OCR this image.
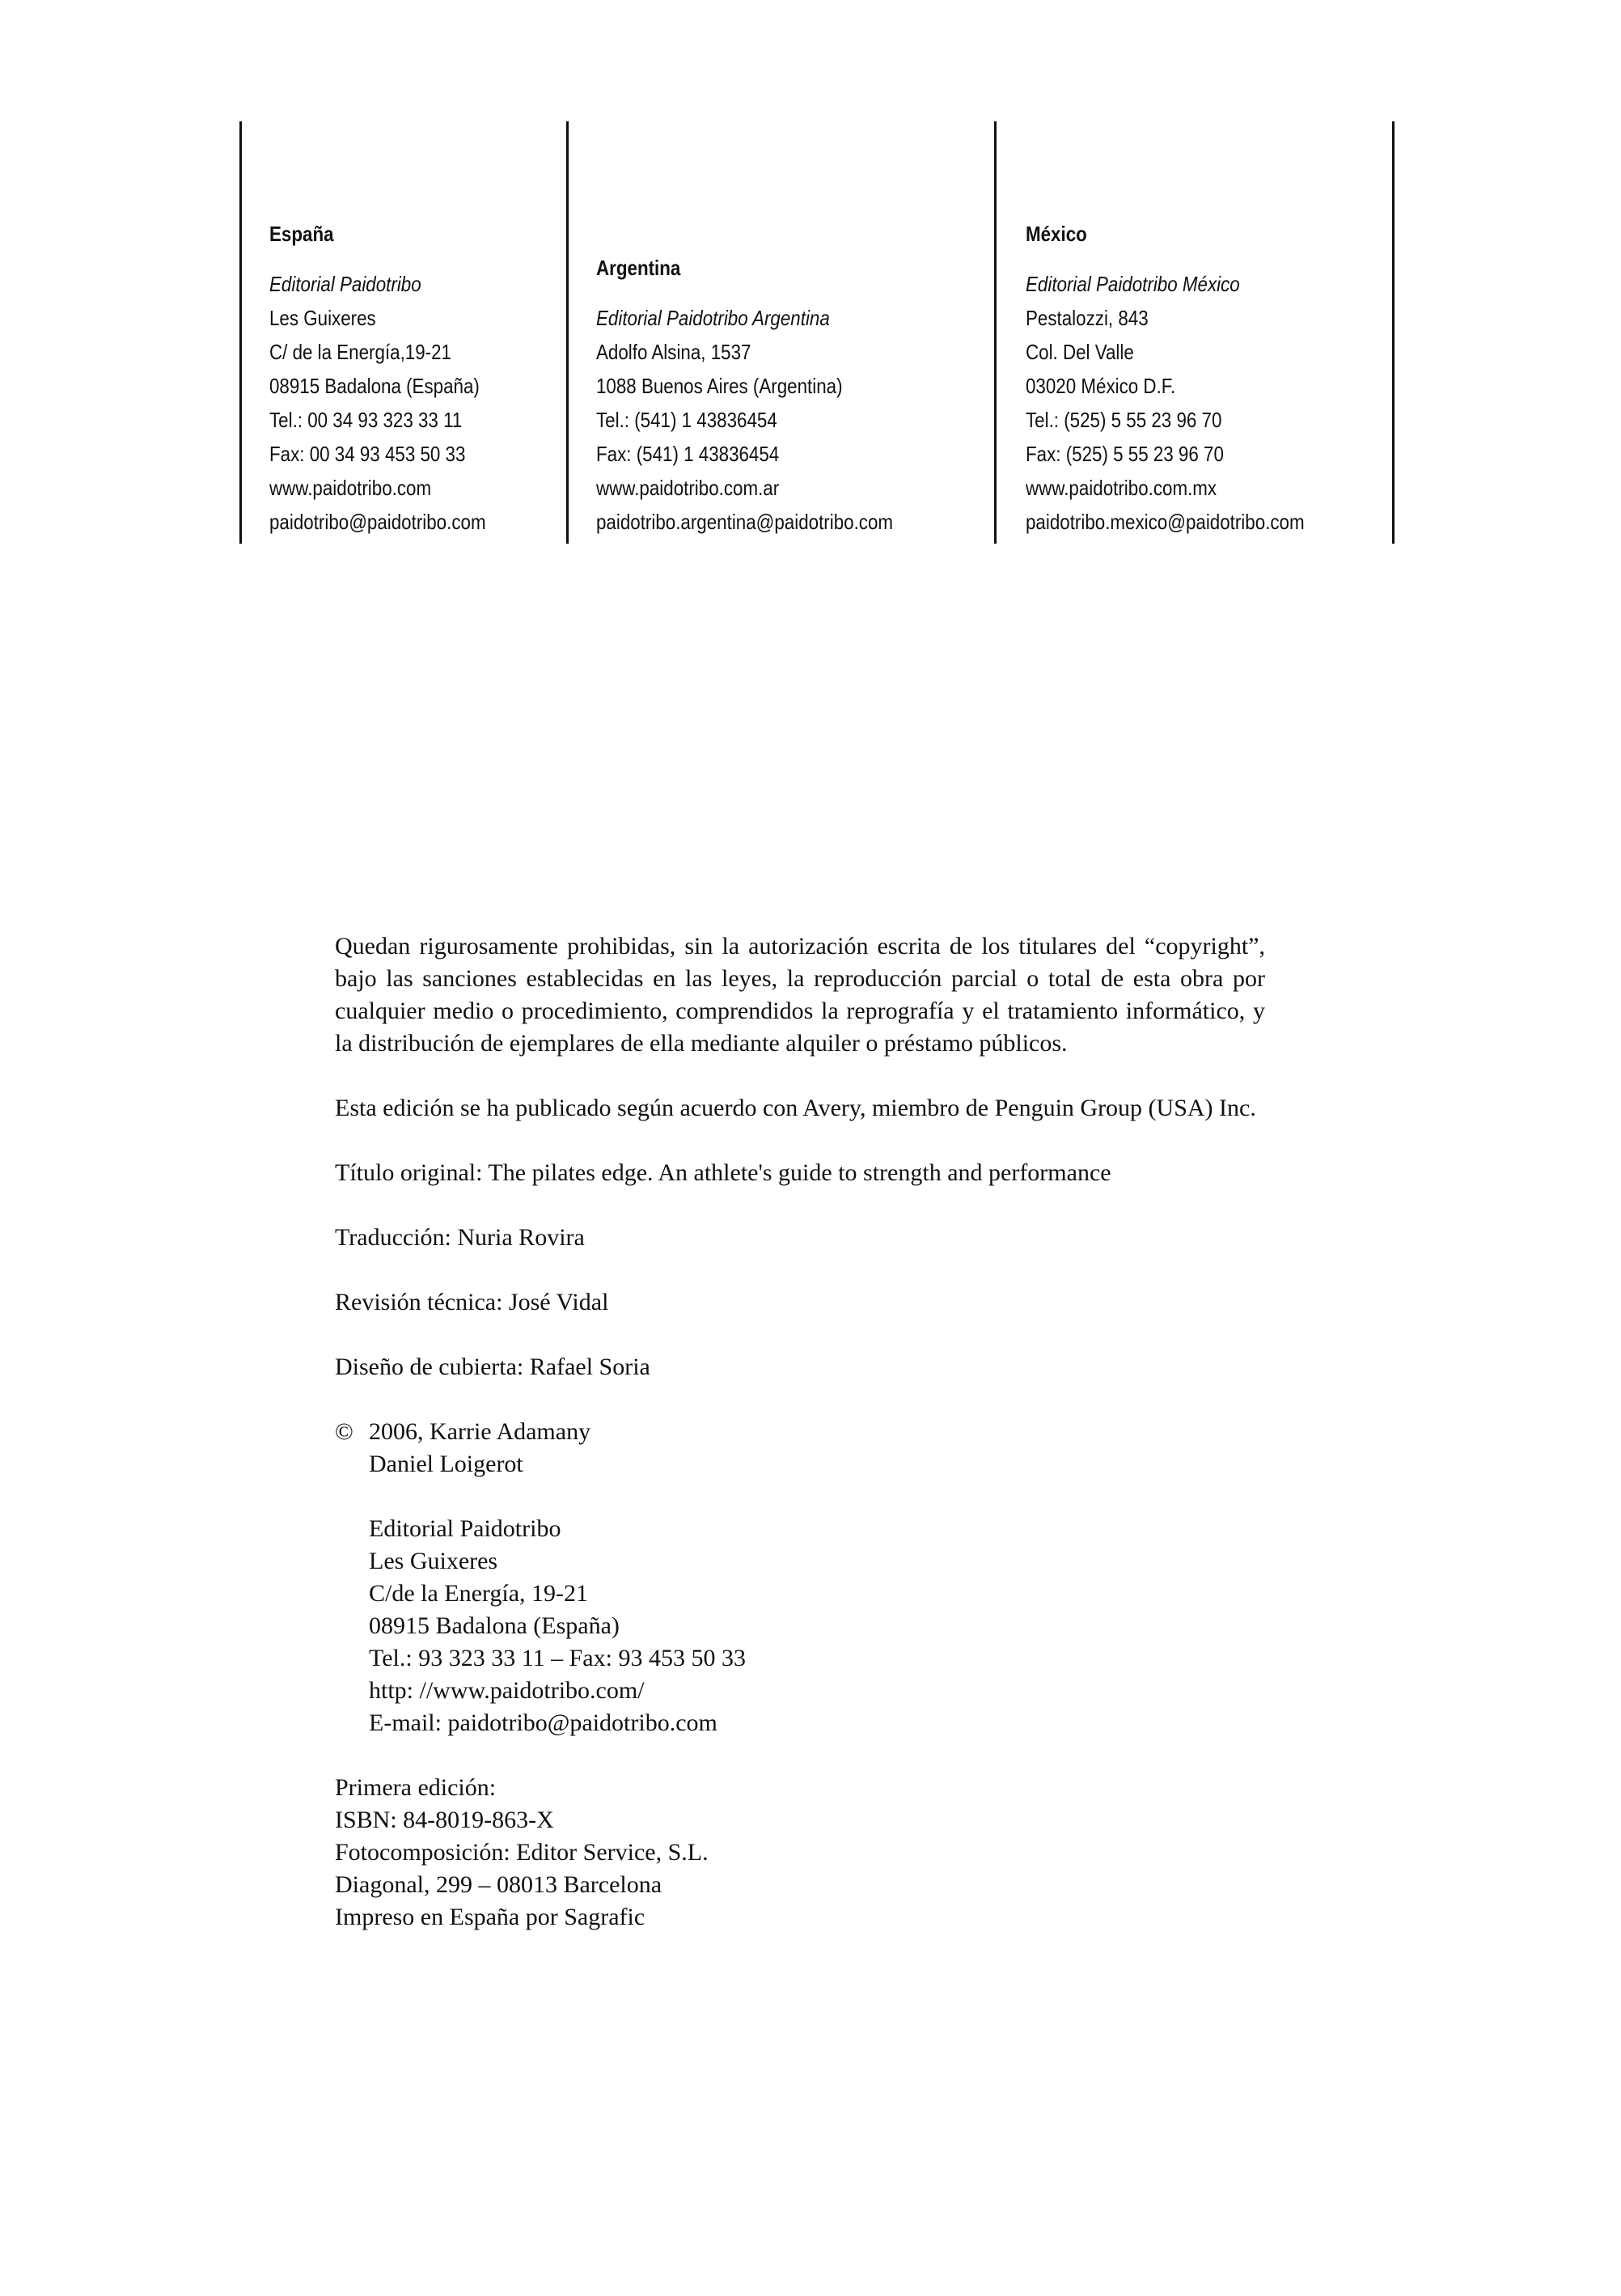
España
Editorial Paidotribo
Les Guixeres
C/ de la Energía,19-21
08915 Badalona (España)
Tel.: 00 34 93 323 33 11
Fax: 00 34 93 453 50 33
www.paidotribo.com
paidotribo@paidotribo.com
Argentina
Editorial Paidotribo Argentina
Adolfo Alsina, 1537
1088 Buenos Aires (Argentina)
Tel.: (541) 1 43836454
Fax: (541) 1 43836454
www.paidotribo.com.ar
paidotribo.argentina@paidotribo.com
México
Editorial Paidotribo México
Pestalozzi, 843
Col. Del Valle
03020 México D.F.
Tel.: (525) 5 55 23 96 70
Fax: (525) 5 55 23 96 70
www.paidotribo.com.mx
paidotribo.mexico@paidotribo.com

Quedan rigurosamente prohibidas, sin la autorización escrita de los titulares del “copyright”, bajo las sanciones establecidas en las leyes, la reproducción parcial o total de esta obra por cualquier medio o procedimiento, comprendidos la reprografía y el tratamiento informático, y la distribución de ejemplares de ella mediante alquiler o préstamo públicos.

Esta edición se ha publicado según acuerdo con Avery, miembro de Penguin Group (USA) Inc.

Título original: The pilates edge. An athlete's guide to strength and performance

Traducción: Nuria Rovira

Revisión técnica: José Vidal

Diseño de cubierta: Rafael Soria

© 2006, Karrie Adamany
Daniel Loigerot
Editorial Paidotribo
Les Guixeres
C/de la Energía, 19-21
08915 Badalona (España)
Tel.: 93 323 33 11 – Fax: 93 453 50 33
http: //www.paidotribo.com/
E-mail: paidotribo@paidotribo.com
Primera edición:
ISBN: 84-8019-863-X
Fotocomposición: Editor Service, S.L.
Diagonal, 299 – 08013 Barcelona
Impreso en España por Sagrafic
